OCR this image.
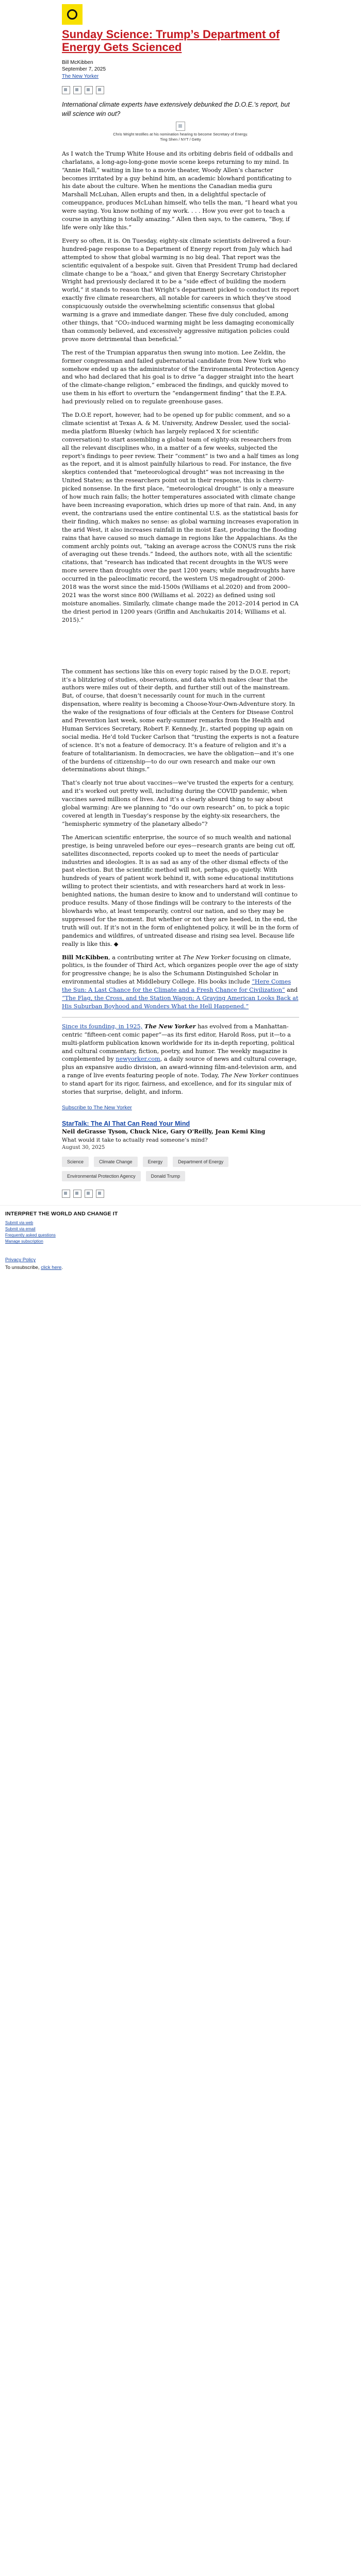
Sunday Science: Trump’s Department of Energy Gets Scienced
Bill McKibben
September 7, 2025
The New Yorker
International climate experts have extensively debunked the D.O.E.’s report, but will science win out?
Chris Wright testifies at his nomination hearing to become Secretary of Energy.
Ting Shen / NYT / Getty

As I watch the Trump White House and its orbiting debris field of oddballs and charlatans, a long-ago-long-gone movie scene keeps returning to my mind. In “Annie Hall,” waiting in line to a movie theater, Woody Allen’s character becomes irritated by a guy behind him, an academic blowhard pontificating to his date about the culture. When he mentions the Canadian media guru Marshall McLuhan, Allen erupts and then, in a delightful spectacle of comeuppance, produces McLuhan himself, who tells the man, “I heard what you were saying. You know nothing of my work. . . . How you ever got to teach a course in anything is totally amazing.” Allen then says, to the camera, “Boy, if life were only like this.”

Every so often, it is. On Tuesday, eighty-six climate scientists delivered a four-hundred-page response to a Department of Energy report from July which had attempted to show that global warming is no big deal. That report was the scientific equivalent of a bespoke suit. Given that President Trump had declared climate change to be a “hoax,” and given that Energy Secretary Christopher Wright had previously declared it to be a “side effect of building the modern world,” it stands to reason that Wright’s department picked to conduct its report exactly five climate researchers, all notable for careers in which they’ve stood conspicuously outside the overwhelming scientific consensus that global warming is a grave and immediate danger. These five duly concluded, among other things, that “CO₂-induced warming might be less damaging economically than commonly believed, and excessively aggressive mitigation policies could prove more detrimental than beneficial.”

The rest of the Trumpian apparatus then swung into motion. Lee Zeldin, the former congressman and failed gubernatorial candidate from New York who somehow ended up as the administrator of the Environmental Protection Agency and who had declared that his goal is to drive “a dagger straight into the heart of the climate-change religion,” embraced the findings, and quickly moved to use them in his effort to overturn the “endangerment finding” that the E.P.A. had previously relied on to regulate greenhouse gases.

The D.O.E report, however, had to be opened up for public comment, and so a climate scientist at Texas A. & M. University, Andrew Dessler, used the social-media platform Bluesky (which has largely replaced X for scientific conversation) to start assembling a global team of eighty-six researchers from all the relevant disciplines who, in a matter of a few weeks, subjected the report’s findings to peer review. Their “comment” is two and a half times as long as the report, and it is almost painfully hilarious to read. For instance, the five skeptics contended that “meteorological drought” was not increasing in the United States; as the researchers point out in their response, this is cherry-picked nonsense. In the first place, “meteorological drought” is only a measure of how much rain falls; the hotter temperatures associated with climate change have been increasing evaporation, which dries up more of that rain. And, in any event, the contrarians used the entire continental U.S. as the statistical basis for their finding, which makes no sense: as global warming increases evaporation in the arid West, it also increases rainfall in the moist East, producing the flooding rains that have caused so much damage in regions like the Appalachians. As the comment archly points out, “taking an average across the CONUS runs the risk of averaging out these trends.” Indeed, the authors note, with all the scientific citations, that “research has indicated that recent droughts in the WUS were more severe than droughts over the past 1200 years; while megadroughts have occurred in the paleoclimatic record, the western US megadrought of 2000-2018 was the worst since the mid-1500s (Williams et al.2020) and from 2000–2021 was the worst since 800 (Williams et al. 2022) as defined using soil moisture anomalies. Similarly, climate change made the 2012–2014 period in CA the driest period in 1200 years (Griffin and Anchukaitis 2014; Williams et al. 2015).”

The comment has sections like this on every topic raised by the D.O.E. report; it’s a blitzkrieg of studies, observations, and data which makes clear that the authors were miles out of their depth, and further still out of the mainstream. But, of course, that doesn’t necessarily count for much in the current dispensation, where reality is becoming a Choose-Your-Own-Adventure story. In the wake of the resignations of four officials at the Centers for Disease Control and Prevention last week, some early-summer remarks from the Health and Human Services Secretary, Robert F. Kennedy, Jr., started popping up again on social media. He’d told Tucker Carlson that “trusting the experts is not a feature of science. It’s not a feature of democracy. It’s a feature of religion and it’s a feature of totalitarianism. In democracies, we have the obligation—and it’s one of the burdens of citizenship—to do our own research and make our own determinations about things.”

That’s clearly not true about vaccines—we’ve trusted the experts for a century, and it’s worked out pretty well, including during the COVID pandemic, when vaccines saved millions of lives. And it’s a clearly absurd thing to say about global warming: Are we planning to “do our own research” on, to pick a topic covered at length in Tuesday’s response by the eighty-six researchers, the “hemispheric symmetry of the planetary albedo”?

The American scientific enterprise, the source of so much wealth and national prestige, is being unraveled before our eyes—research grants are being cut off, satellites disconnected, reports cooked up to meet the needs of particular industries and ideologies. It is as sad as any of the other dismal effects of the past election. But the scientific method will not, perhaps, go quietly. With hundreds of years of patient work behind it, with some educational institutions willing to protect their scientists, and with researchers hard at work in less-benighted nations, the human desire to know and to understand will continue to produce results. Many of those findings will be contrary to the interests of the blowhards who, at least temporarily, control our nation, and so they may be suppressed for the moment. But whether or not they are heeded, in the end, the truth will out. If it’s not in the form of enlightened policy, it will be in the form of pandemics and wildfires, of untreated disease and rising sea level. Because life really is like this. ◆

Bill McKibben, a contributing writer at The New Yorker focusing on climate, politics, is the founder of Third Act, which organizes people over the age of sixty for progressive change; he is also the Schumann Distinguished Scholar in environmental studies at Middlebury College. His books include “Here Comes the Sun: A Last Chance for the Climate and a Fresh Chance for Civilization” and “The Flag, the Cross, and the Station Wagon: A Graying American Looks Back at His Suburban Boyhood and Wonders What the Hell Happened.”

Since its founding, in 1925, The New Yorker has evolved from a Manhattan-centric “fifteen-cent comic paper”—as its first editor, Harold Ross, put it—to a multi-platform publication known worldwide for its in-depth reporting, political and cultural commentary, fiction, poetry, and humor. The weekly magazine is complemented by newyorker.com, a daily source of news and cultural coverage, plus an expansive audio division, an award-winning film-and-television arm, and a range of live events featuring people of note. Today, The New Yorker continues to stand apart for its rigor, fairness, and excellence, and for its singular mix of stories that surprise, delight, and inform.

Subscribe to The New Yorker
StarTalk: The AI That Can Read Your Mind
Neil deGrasse Tyson, Chuck Nice, Gary O'Reilly, Jean Kemi King
What would it take to actually read someone’s mind?
August 30, 2025
Science	Climate Change	Energy	Department of Energy
Environmental Protection Agency	Donald Trump
INTERPRET THE WORLD AND CHANGE IT
Submit via web
Submit via email
Frequently asked questions
Manage subscription
Privacy Policy
To unsubscribe, click here.
